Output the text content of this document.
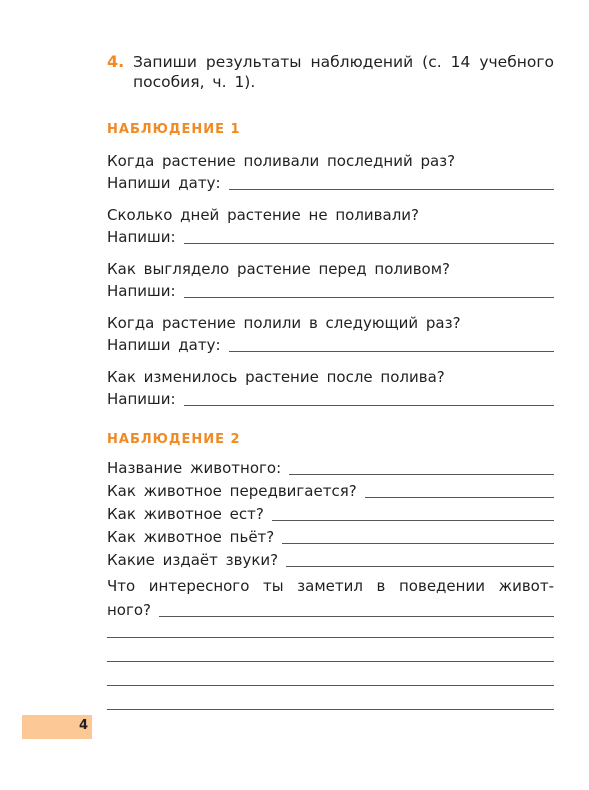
4. Запиши результаты наблюдений (с. 14 учебного пособия, ч. 1).
НАБЛЮДЕНИЕ 1
Когда растение поливали последний раз?
Напиши дату:
Сколько дней растение не поливали?
Напиши:
Как выглядело растение перед поливом?
Напиши:
Когда растение полили в следующий раз?
Напиши дату:
Как изменилось растение после полива?
Напиши:
НАБЛЮДЕНИЕ 2
Название животного:
Как животное передвигается?
Как животное ест?
Как животное пьёт?
Какие издаёт звуки?
Что интересного ты заметил в поведении живот-
ного?
4
